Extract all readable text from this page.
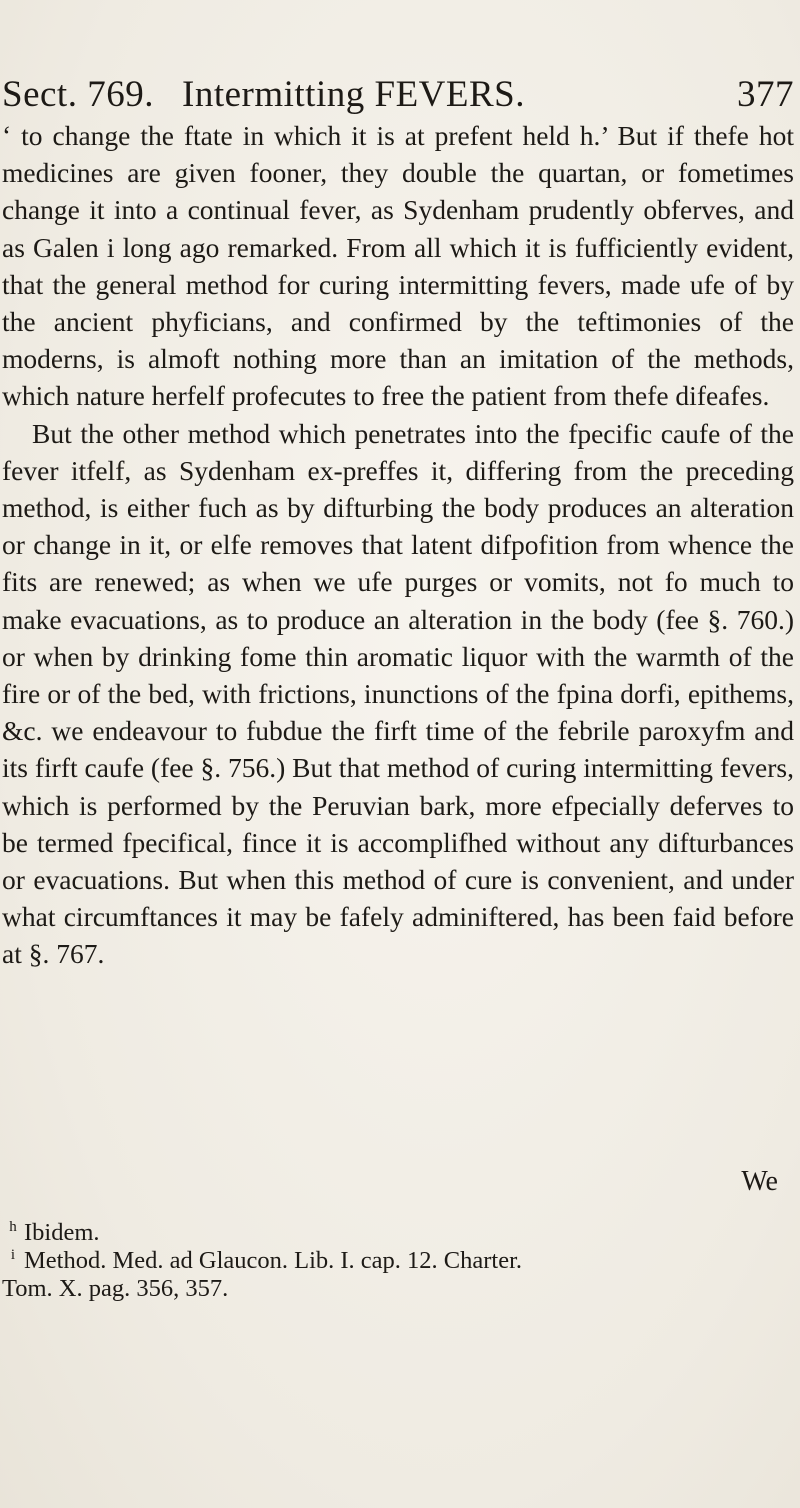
Sect. 769. Intermitting FEVERS.	377

‘ to change the ftate in which it is at prefent held h.’ But if thefe hot medicines are given fooner, they double the quartan, or fometimes change it into a continual fever, as Sydenham prudently obferves, and as Galen i long ago remarked. From all which it is fufficiently evident, that the general method for curing intermitting fevers, made ufe of by the ancient phyficians, and confirmed by the teftimonies of the moderns, is almoft nothing more than an imitation of the methods, which nature herfelf profecutes to free the patient from thefe difeafes.

But the other method which penetrates into the fpecific caufe of the fever itfelf, as Sydenham ex-preffes it, differing from the preceding method, is either fuch as by difturbing the body produces an alteration or change in it, or elfe removes that latent difpofition from whence the fits are renewed; as when we ufe purges or vomits, not fo much to make evacuations, as to produce an alteration in the body (fee §. 760.) or when by drinking fome thin aromatic liquor with the warmth of the fire or of the bed, with frictions, inunctions of the fpina dorfi, epithems, &c. we endeavour to fubdue the firft time of the febrile paroxyfm and its firft caufe (fee §. 756.) But that method of curing intermitting fevers, which is performed by the Peruvian bark, more efpecially deferves to be termed fpecifical, fince it is accomplifhed without any difturbances or evacuations. But when this method of cure is convenient, and under what circumftances it may be fafely adminiftered, has been faid before at §. 767.

We

h Ibidem.

i Method. Med. ad Glaucon. Lib. I. cap. 12. Charter.

Tom. X. pag. 356, 357.
